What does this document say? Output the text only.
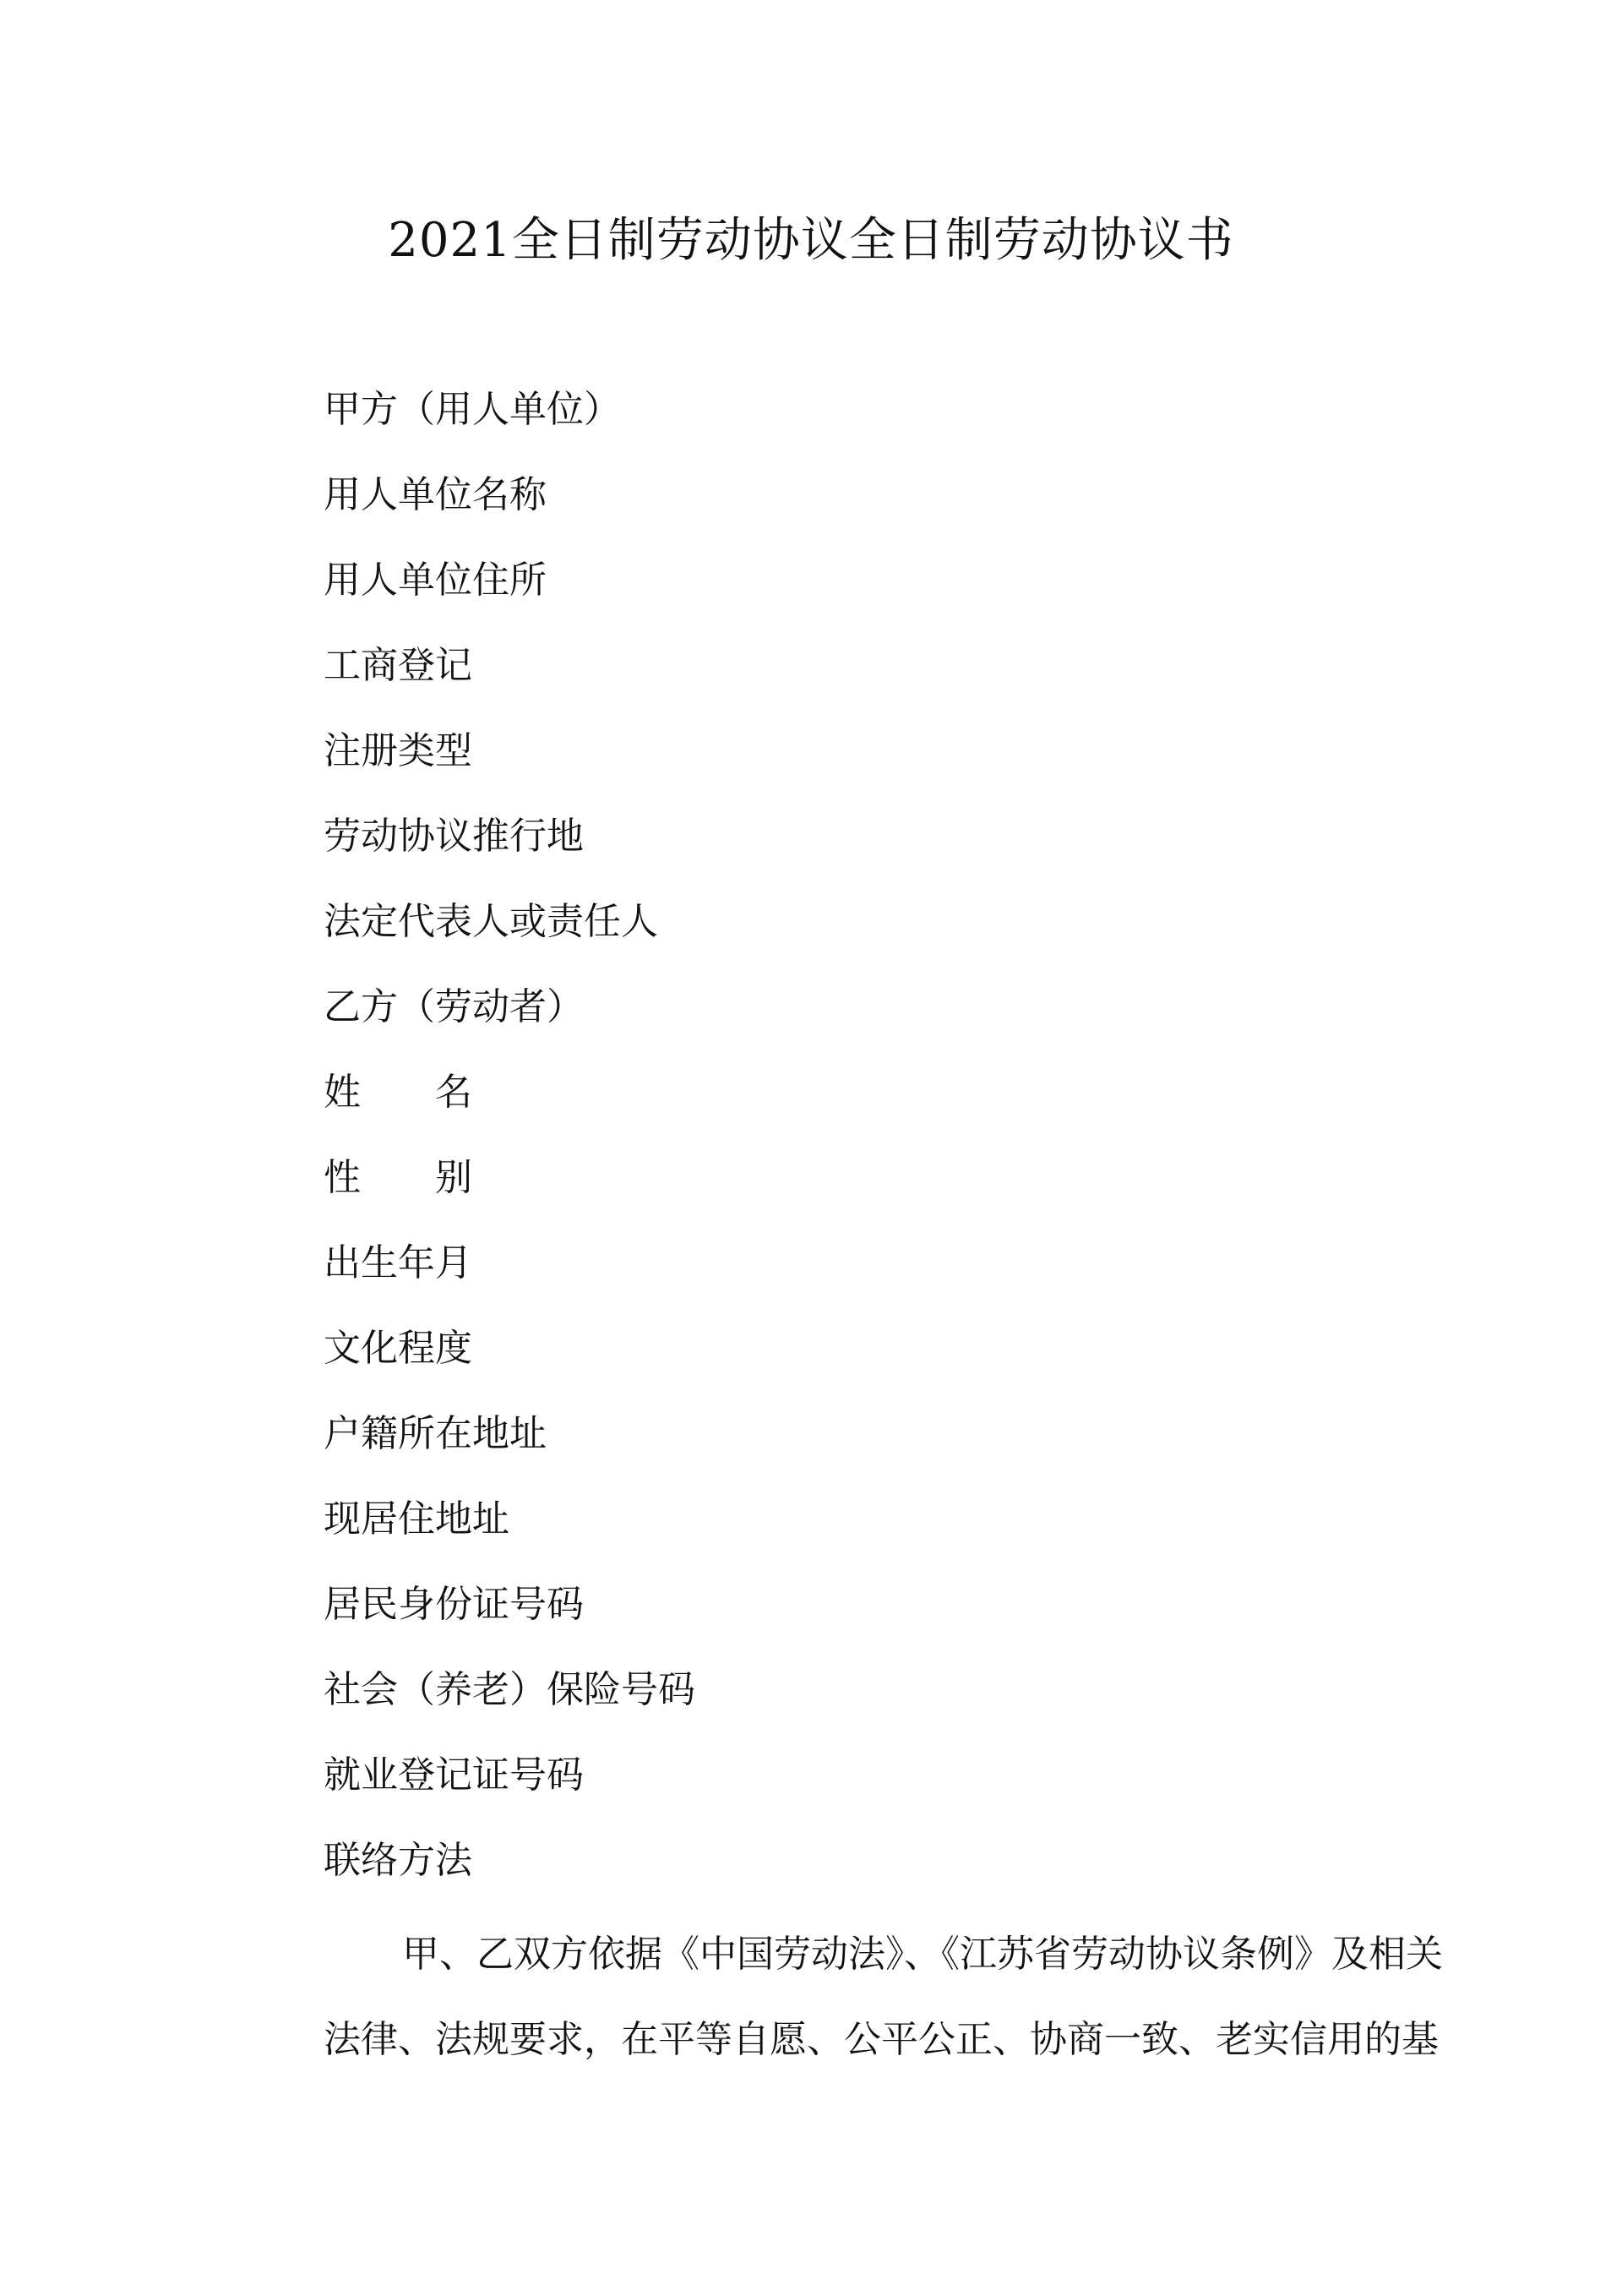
2021全日制劳动协议全日制劳动协议书
甲方（用人单位）
用人单位名称
用人单位住所
工商登记
注册类型
劳动协议推行地
法定代表人或责任人
乙方（劳动者）
姓　　名
性　　别
出生年月
文化程度
户籍所在地址
现居住地址
居民身份证号码
社会（养老）保险号码
就业登记证号码
联络方法

甲、乙双方依据《中国劳动法》、《江苏省劳动协议条例》及相关
法律、法规要求，在平等自愿、公平公正、协商一致、老实信用的基
